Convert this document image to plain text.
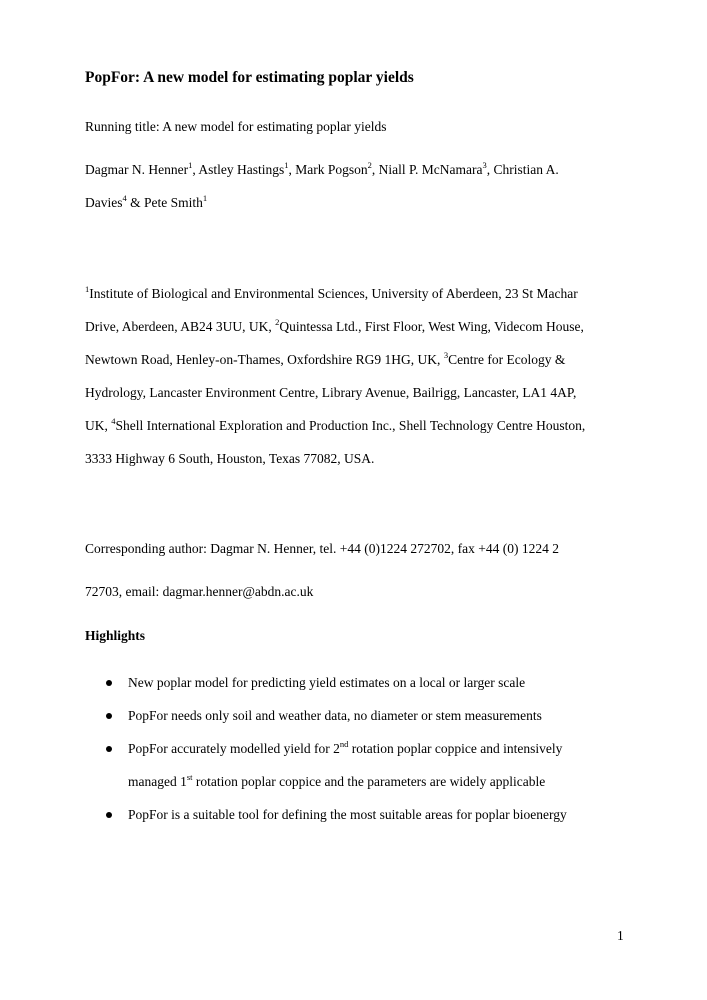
PopFor: A new model for estimating poplar yields
Running title: A new model for estimating poplar yields
Dagmar N. Henner$^1$, Astley Hastings$^1$, Mark Pogson$^2$, Niall P. McNamara$^3$, Christian A.
Davies$^4$ & Pete Smith$^1$
$^1$Institute of Biological and Environmental Sciences, University of Aberdeen, 23 St Machar
Drive, Aberdeen, AB24 3UU, UK, $^2$Quintessa Ltd., First Floor, West Wing, Videcom House,
Newtown Road, Henley-on-Thames, Oxfordshire RG9 1HG, UK, $^3$Centre for Ecology &
Hydrology, Lancaster Environment Centre, Library Avenue, Bailrigg, Lancaster, LA1 4AP,
UK, $^4$Shell International Exploration and Production Inc., Shell Technology Centre Houston,
3333 Highway 6 South, Houston, Texas 77082, USA.
Corresponding author: Dagmar N. Henner, tel. +44 (0)1224 272702, fax +44 (0) 1224 2
72703, email: dagmar.henner@abdn.ac.uk
Highlights
New poplar model for predicting yield estimates on a local or larger scale
PopFor needs only soil and weather data, no diameter or stem measurements
PopFor accurately modelled yield for 2nd rotation poplar coppice and intensively
managed 1st rotation poplar coppice and the parameters are widely applicable
PopFor is a suitable tool for defining the most suitable areas for poplar bioenergy
1
